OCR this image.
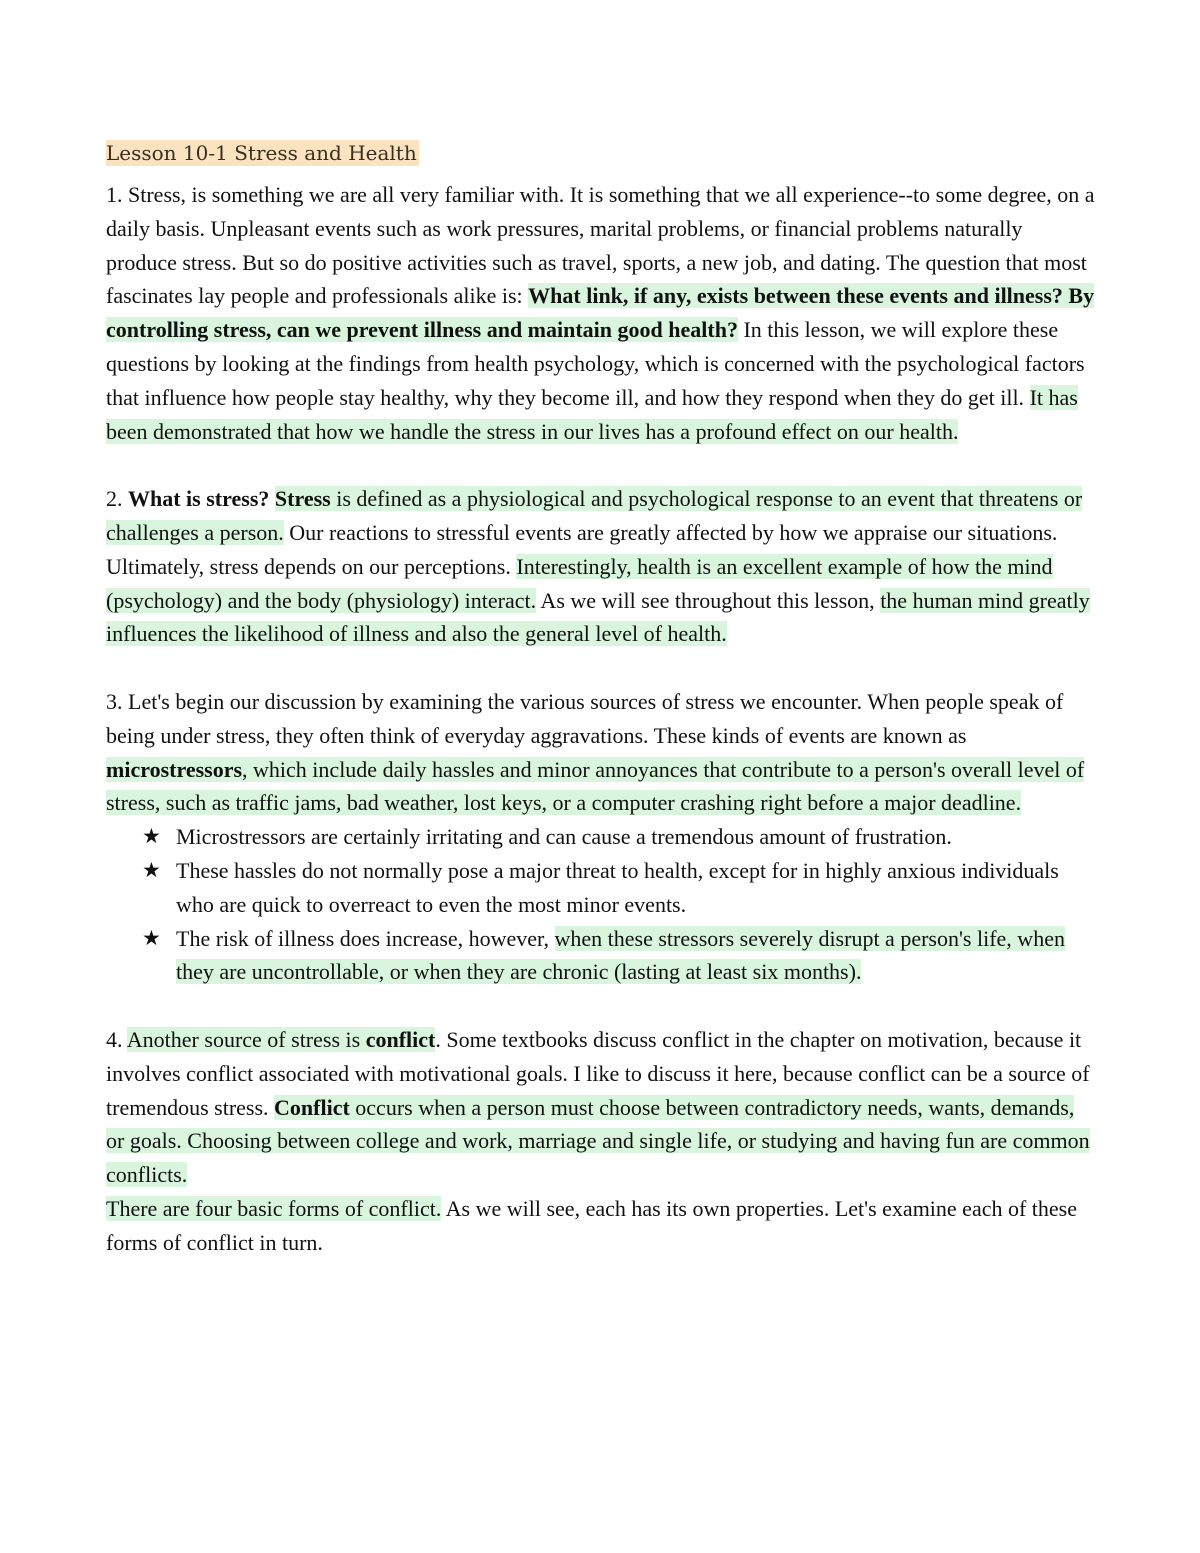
Lesson 10-1 Stress and Health

1. Stress, is something we are all very familiar with. It is something that we all experience--to some degree, on a daily basis. Unpleasant events such as work pressures, marital problems, or financial problems naturally produce stress. But so do positive activities such as travel, sports, a new job, and dating. The question that most fascinates lay people and professionals alike is: What link, if any, exists between these events and illness? By controlling stress, can we prevent illness and maintain good health? In this lesson, we will explore these questions by looking at the findings from health psychology, which is concerned with the psychological factors that influence how people stay healthy, why they become ill, and how they respond when they do get ill. It has been demonstrated that how we handle the stress in our lives has a profound effect on our health.

2. What is stress? Stress is defined as a physiological and psychological response to an event that threatens or challenges a person. Our reactions to stressful events are greatly affected by how we appraise our situations. Ultimately, stress depends on our perceptions. Interestingly, health is an excellent example of how the mind (psychology) and the body (physiology) interact. As we will see throughout this lesson, the human mind greatly influences the likelihood of illness and also the general level of health.

3. Let's begin our discussion by examining the various sources of stress we encounter. When people speak of being under stress, they often think of everyday aggravations. These kinds of events are known as microstressors, which include daily hassles and minor annoyances that contribute to a person's overall level of stress, such as traffic jams, bad weather, lost keys, or a computer crashing right before a major deadline.

★ Microstressors are certainly irritating and can cause a tremendous amount of frustration.
★ These hassles do not normally pose a major threat to health, except for in highly anxious individuals who are quick to overreact to even the most minor events.
★ The risk of illness does increase, however, when these stressors severely disrupt a person's life, when they are uncontrollable, or when they are chronic (lasting at least six months).

4. Another source of stress is conflict. Some textbooks discuss conflict in the chapter on motivation, because it involves conflict associated with motivational goals. I like to discuss it here, because conflict can be a source of tremendous stress. Conflict occurs when a person must choose between contradictory needs, wants, demands, or goals. Choosing between college and work, marriage and single life, or studying and having fun are common conflicts.

There are four basic forms of conflict. As we will see, each has its own properties. Let's examine each of these forms of conflict in turn.
